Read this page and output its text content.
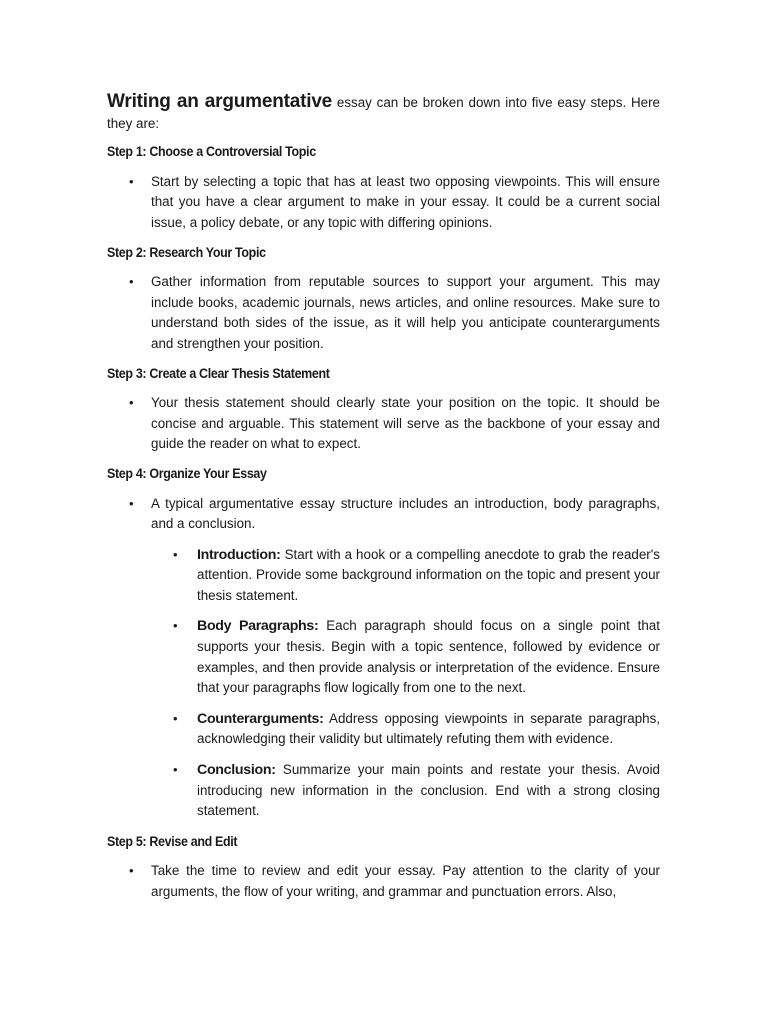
Writing an argumentative essay can be broken down into five easy steps. Here they are:

Step 1: Choose a Controversial Topic
• Start by selecting a topic that has at least two opposing viewpoints. This will ensure that you have a clear argument to make in your essay. It could be a current social issue, a policy debate, or any topic with differing opinions.
Step 2: Research Your Topic
• Gather information from reputable sources to support your argument. This may include books, academic journals, news articles, and online resources. Make sure to understand both sides of the issue, as it will help you anticipate counterarguments and strengthen your position.
Step 3: Create a Clear Thesis Statement
• Your thesis statement should clearly state your position on the topic. It should be concise and arguable. This statement will serve as the backbone of your essay and guide the reader on what to expect.
Step 4: Organize Your Essay
• A typical argumentative essay structure includes an introduction, body paragraphs, and a conclusion.
• Introduction: Start with a hook or a compelling anecdote to grab the reader's attention. Provide some background information on the topic and present your thesis statement.
• Body Paragraphs: Each paragraph should focus on a single point that supports your thesis. Begin with a topic sentence, followed by evidence or examples, and then provide analysis or interpretation of the evidence. Ensure that your paragraphs flow logically from one to the next.
• Counterarguments: Address opposing viewpoints in separate paragraphs, acknowledging their validity but ultimately refuting them with evidence.
• Conclusion: Summarize your main points and restate your thesis. Avoid introducing new information in the conclusion. End with a strong closing statement.
Step 5: Revise and Edit
• Take the time to review and edit your essay. Pay attention to the clarity of your arguments, the flow of your writing, and grammar and punctuation errors. Also,
